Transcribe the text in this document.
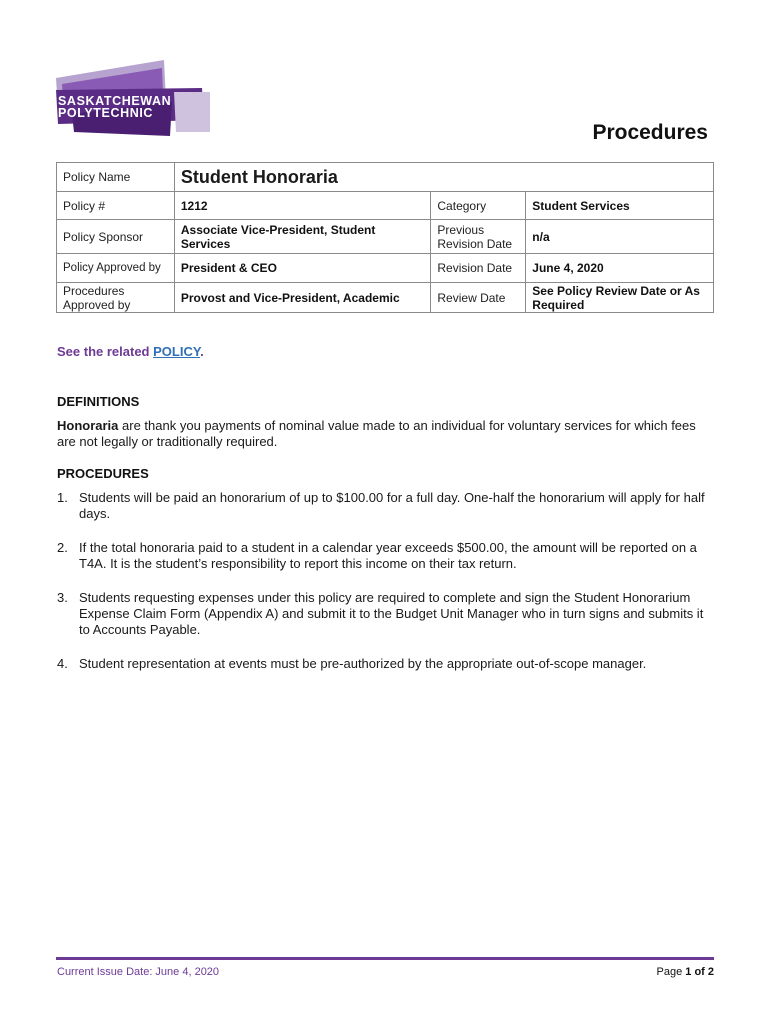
SASKATCHEWAN
POLYTECHNIC
Procedures
Policy Name	Student Honoraria		
Policy #	1212	Category	Student Services
Policy Sponsor	Associate Vice-President, Student Services	Previous Revision Date	n/a
Policy Approved by	President & CEO	Revision Date	June 4, 2020
Procedures Approved by	Provost and Vice-President, Academic	Review Date	See Policy Review Date or As Required
See the related POLICY.
DEFINITIONS
Honoraria are thank you payments of nominal value made to an individual for voluntary services for which fees are not legally or traditionally required.
PROCEDURES
1. Students will be paid an honorarium of up to $100.00 for a full day. One-half the honorarium will apply for half days.
2. If the total honoraria paid to a student in a calendar year exceeds $500.00, the amount will be reported on a T4A. It is the student’s responsibility to report this income on their tax return.
3. Students requesting expenses under this policy are required to complete and sign the Student Honorarium Expense Claim Form (Appendix A) and submit it to the Budget Unit Manager who in turn signs and submits it to Accounts Payable.
4. Student representation at events must be pre-authorized by the appropriate out-of-scope manager.
Current Issue Date: June 4, 2020	Page 1 of 2
